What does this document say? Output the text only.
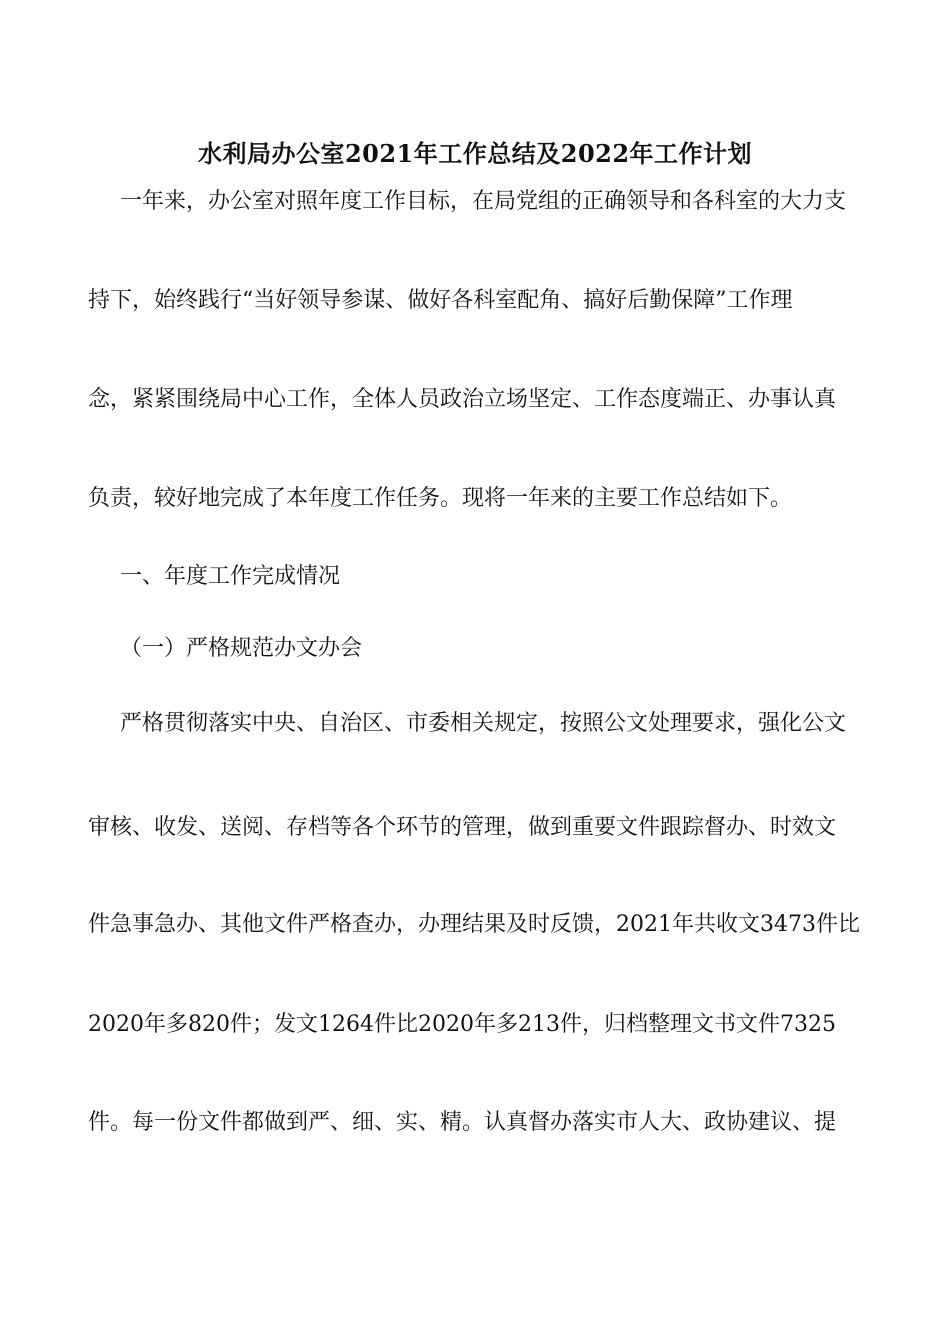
水利局办公室2021年工作总结及2022年工作计划
一年来，办公室对照年度工作目标，在局党组的正确领导和各科室的大力支
持下，始终践行“当好领导参谋、做好各科室配角、搞好后勤保障”工作理
念，紧紧围绕局中心工作，全体人员政治立场坚定、工作态度端正、办事认真
负责，较好地完成了本年度工作任务。现将一年来的主要工作总结如下。
一、年度工作完成情况
（一）严格规范办文办会
严格贯彻落实中央、自治区、市委相关规定，按照公文处理要求，强化公文
审核、收发、送阅、存档等各个环节的管理，做到重要文件跟踪督办、时效文
件急事急办、其他文件严格查办，办理结果及时反馈，2021年共收文3473件比
2020年多820件；发文1264件比2020年多213件，归档整理文书文件7325
件。每一份文件都做到严、细、实、精。认真督办落实市人大、政协建议、提
